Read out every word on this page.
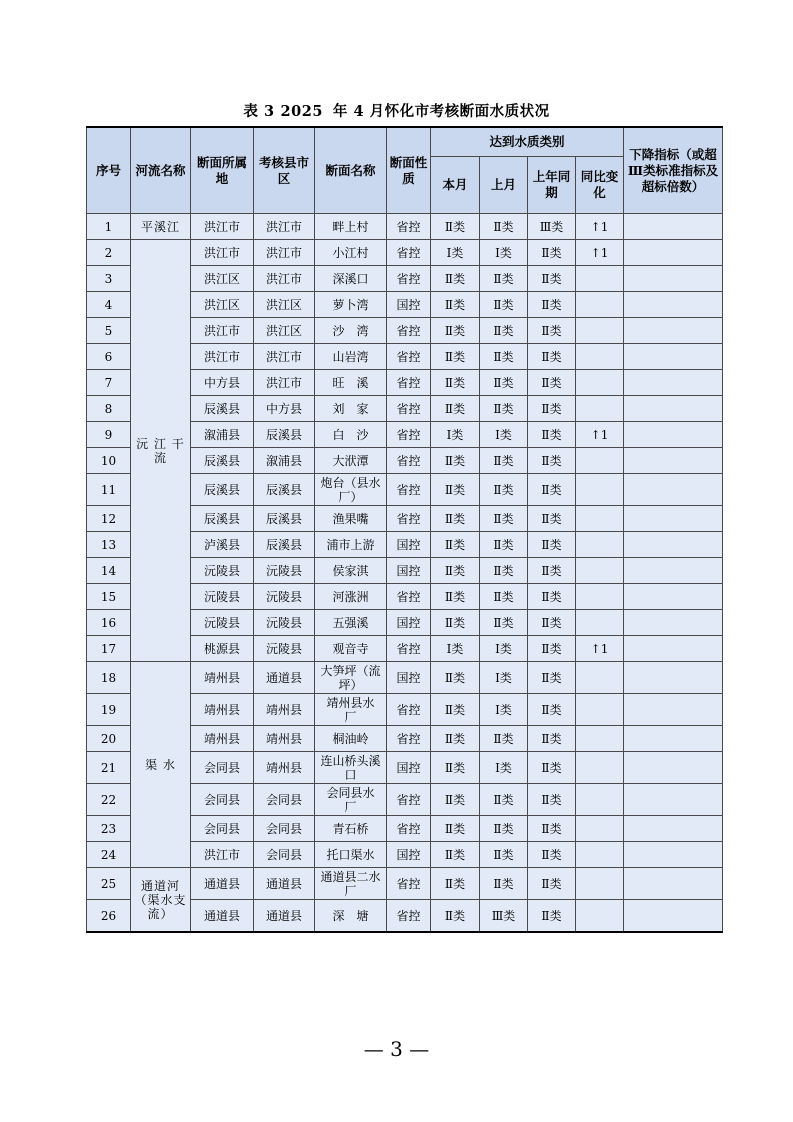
表 3 2025 年 4 月怀化市考核断面水质状况
序号	河流名称	断面所属地	考核县市区	断面名称	断面性质	达到水质类别				下降指标（或超Ⅲ类标准指标及超标倍数）
						本月	上月	上年同期	同比变化	
1	平溪江	洪江市	洪江市	畔上村	省控	Ⅱ类	Ⅱ类	Ⅲ类	↑1	
2	沅 江 干 流	洪江市	洪江市	小江村	省控	Ⅰ类	Ⅰ类	Ⅱ类	↑1	
3		洪江区	洪江市	深溪口	省控	Ⅱ类	Ⅱ类	Ⅱ类		
4		洪江区	洪江区	萝卜湾	国控	Ⅱ类	Ⅱ类	Ⅱ类		
5		洪江市	洪江区	沙　湾	省控	Ⅱ类	Ⅱ类	Ⅱ类		
6		洪江市	洪江市	山岩湾	省控	Ⅱ类	Ⅱ类	Ⅱ类		
7		中方县	洪江市	旺　溪	省控	Ⅱ类	Ⅱ类	Ⅱ类		
8		辰溪县	中方县	刘　家	省控	Ⅱ类	Ⅱ类	Ⅱ类		
9		溆浦县	辰溪县	白　沙	省控	Ⅰ类	Ⅰ类	Ⅱ类	↑1	
10		辰溪县	溆浦县	大洑潭	省控	Ⅱ类	Ⅱ类	Ⅱ类		
11		辰溪县	辰溪县	炮台（县水厂）	省控	Ⅱ类	Ⅱ类	Ⅱ类		
12		辰溪县	辰溪县	渔果嘴	省控	Ⅱ类	Ⅱ类	Ⅱ类		
13		泸溪县	辰溪县	浦市上游	国控	Ⅱ类	Ⅱ类	Ⅱ类		
14		沅陵县	沅陵县	侯家淇	国控	Ⅱ类	Ⅱ类	Ⅱ类		
15		沅陵县	沅陵县	河涨洲	省控	Ⅱ类	Ⅱ类	Ⅱ类		
16		沅陵县	沅陵县	五强溪	国控	Ⅱ类	Ⅱ类	Ⅱ类		
17		桃源县	沅陵县	观音寺	省控	Ⅰ类	Ⅰ类	Ⅱ类	↑1	
18	渠 水	靖州县	通道县	大笋坪（流坪）	国控	Ⅱ类	Ⅰ类	Ⅱ类		
19		靖州县	靖州县	靖州县水　厂	省控	Ⅱ类	Ⅰ类	Ⅱ类		
20		靖州县	靖州县	桐油岭	省控	Ⅱ类	Ⅱ类	Ⅱ类		
21		会同县	靖州县	连山桥头溪口	国控	Ⅱ类	Ⅰ类	Ⅱ类		
22		会同县	会同县	会同县水　厂	省控	Ⅱ类	Ⅱ类	Ⅱ类		
23		会同县	会同县	青石桥	省控	Ⅱ类	Ⅱ类	Ⅱ类		
24		洪江市	会同县	托口渠水	国控	Ⅱ类	Ⅱ类	Ⅱ类		
25	通道河（渠水支流）	通道县	通道县	通道县二水厂	省控	Ⅱ类	Ⅱ类	Ⅱ类		
26		通道县	通道县	深　塘	省控	Ⅱ类	Ⅲ类	Ⅱ类		
— 3 —
